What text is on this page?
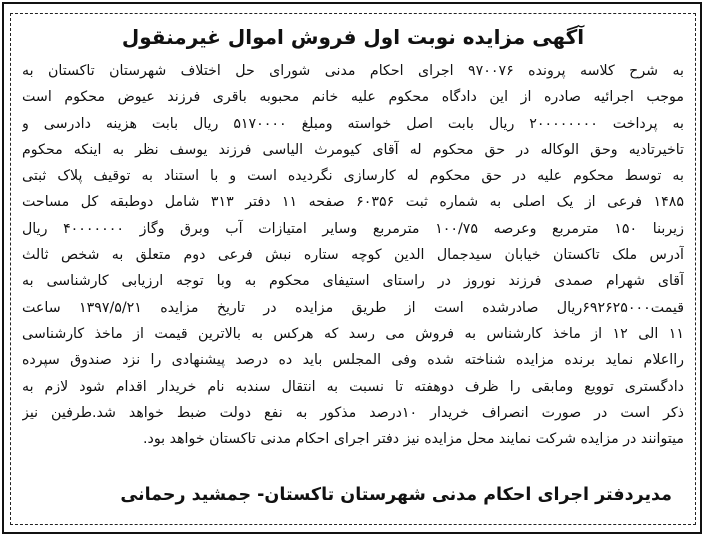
آگهی مزایده نوبت اول فروش اموال غیرمنقول
به شرح کلاسه پرونده ۹۷۰۰۷۶ اجرای احکام مدنی شورای حل اختلاف شهرستان تاکستان به
موجب اجرائیه صادره از این دادگاه محکوم علیه خانم محبوبه باقری فرزند عیوض محکوم است
به پرداخت ۲۰۰۰۰۰۰۰۰ ریال بابت اصل خواسته ومبلغ ۵۱۷۰۰۰۰ ریال بابت هزینه دادرسی و
تاخیرتادیه وحق الوکاله در حق محکوم له آقای کیومرث الیاسی فرزند یوسف نظر به اینکه محکوم
به توسط محکوم علیه در حق محکوم له کارسازی نگردیده است و با استناد به توقیف پلاک ثبتی
۱۴۸۵ فرعی از یک اصلی به شماره ثبت ۶۰۳۵۶ صفحه ۱۱ دفتر ۳۱۳ شامل دوطبقه کل مساحت
زیربنا ۱۵۰ مترمربع وعرصه ۱۰۰/۷۵ مترمربع وسایر امتیازات آب وبرق وگاز ۴۰۰۰۰۰۰۰ ریال
آدرس ملک تاکستان خیابان سیدجمال الدین کوچه ستاره نبش فرعی دوم متعلق به شخص ثالث
آقای شهرام صمدی فرزند نوروز در راستای استیفای محکوم به وبا توجه ارزیابی کارشناسی به
قیمت۶۹۲۶۲۵۰۰۰ریال صادرشده است از طریق مزایده در تاریخ مزایده ۱۳۹۷/۵/۲۱ ساعت
۱۱ الی ۱۲ از ماخذ کارشناس به فروش می رسد که هرکس به بالاترین قیمت از ماخذ کارشناسی
رااعلام نماید برنده مزایده شناخته شده وفی المجلس باید ده درصد پیشنهادی را نزد صندوق سپرده
دادگستری توویع ومابقی را ظرف دوهفته تا نسبت به انتقال سندبه نام خریدار اقدام شود لازم به
ذکر است در صورت انصراف خریدار ۱۰درصد مذکور به نفع دولت ضبط خواهد شد.طرفین نیز
میتوانند در مزایده شرکت نمایند محل مزایده نیز دفتر اجرای احکام مدنی تاکستان خواهد بود.
مدیردفتر اجرای احکام مدنی شهرستان تاکستان- جمشید رحمانی
